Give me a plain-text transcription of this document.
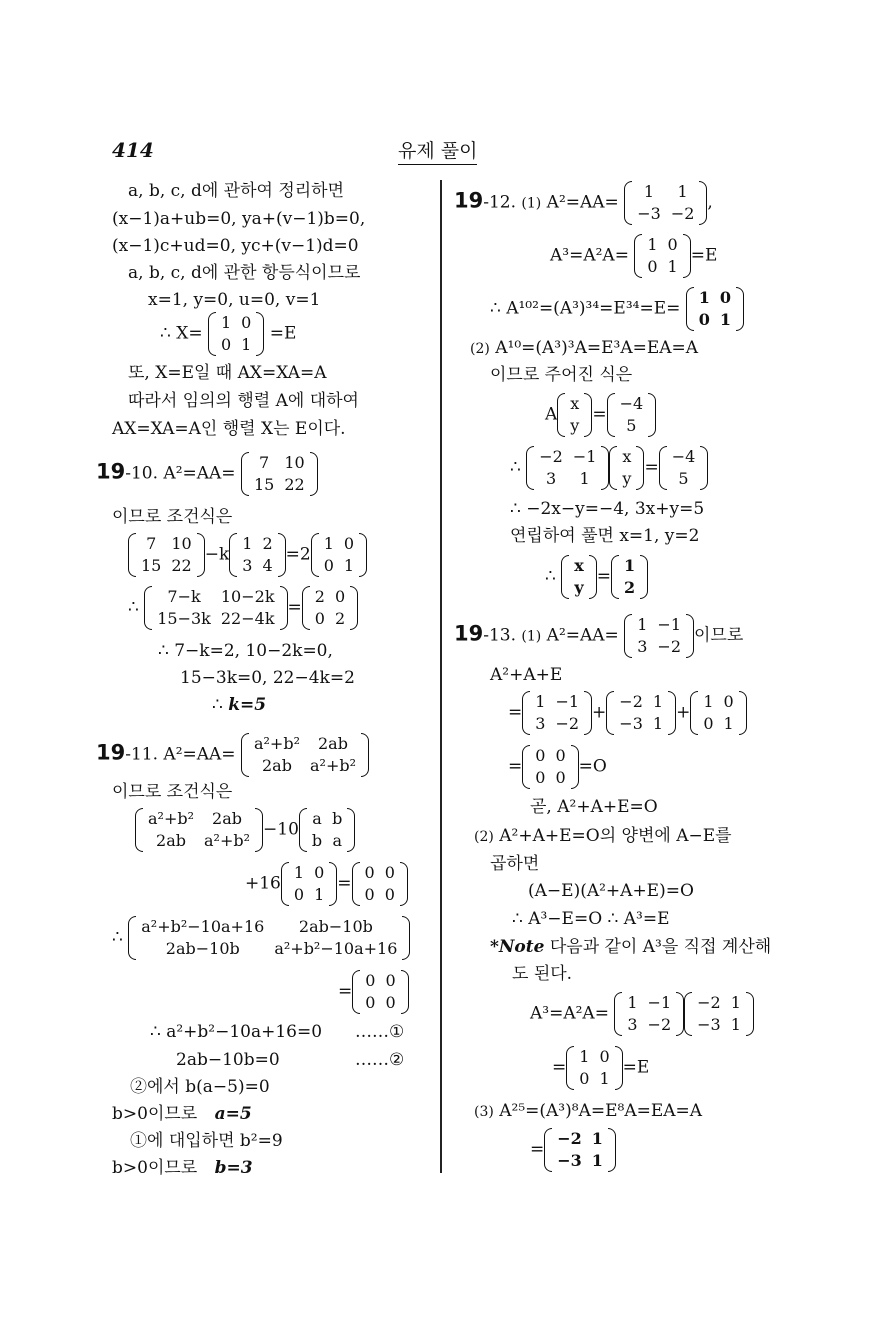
414	유제 풀이
a, b, c, d에 관하여 정리하면
(x−1)a+ub=0, ya+(v−1)b=0,
(x−1)c+ud=0, yc+(v−1)d=0
a, b, c, d에 관한 항등식이므로
x=1, y=0, u=0, v=1
∴ X=
1	0
0	1
=E
또, X=E일 때 AX=XA=A
따라서 임의의 행렬 A에 대하여
AX=XA=A인 행렬 X는 E이다.
19-10. A²=AA=
7	10
15	22
이므로 조건식은
7	10
15	22
−k
1	2
3	4
=2
1	0
0	1
∴
7−k	10−2k
15−3k	22−4k
=
2	0
0	2
∴ 7−k=2, 10−2k=0,
15−3k=0, 22−4k=2
∴ k=5
19-11. A²=AA=
a²+b²	2ab
2ab	a²+b²
이므로 조건식은
a²+b²	2ab
2ab	a²+b²
−10
a	b
b	a
+16
1	0
0	1
=
0	0
0	0
∴
a²+b²−10a+16	2ab−10b
2ab−10b	a²+b²−10a+16
=
0	0
0	0
∴ a²+b²−10a+16=0 ……①
2ab−10b=0	……②
②에서 b(a−5)=0
b>0이므로 a=5
①에 대입하면 b²=9
b>0이므로 b=3
19-12. (1) A²=AA=
1	1
−3	−2
,
A³=A²A=
1	0
0	1
=E
∴ A¹⁰²=(A³)³⁴=E³⁴=E=
1	0
0	1
(2) A¹⁰=(A³)³A=E³A=EA=A
이므로 주어진 식은
A
x
y
=
−4
5
∴
−2	−1
3	1
x
y
=
−4
5
∴ −2x−y=−4, 3x+y=5
연립하여 풀면 x=1, y=2
∴
x
y
=
1
2
19-13. (1) A²=AA=
1	−1
3	−2
이므로
A²+A+E
=
1	−1
3	−2
+
−2	1
−3	1
+
1	0
0	1
=
0	0
0	0
=O
곧, A²+A+E=O
(2) A²+A+E=O의 양변에 A−E를
곱하면
(A−E)(A²+A+E)=O
∴ A³−E=O ∴ A³=E
*Note 다음과 같이 A³을 직접 계산해
도 된다.
A³=A²A=
1	−1
3	−2
−2	1
−3	1
=
1	0
0	1
=E
(3) A²⁵=(A³)⁸A=E⁸A=EA=A
=
−2	1
−3	1
